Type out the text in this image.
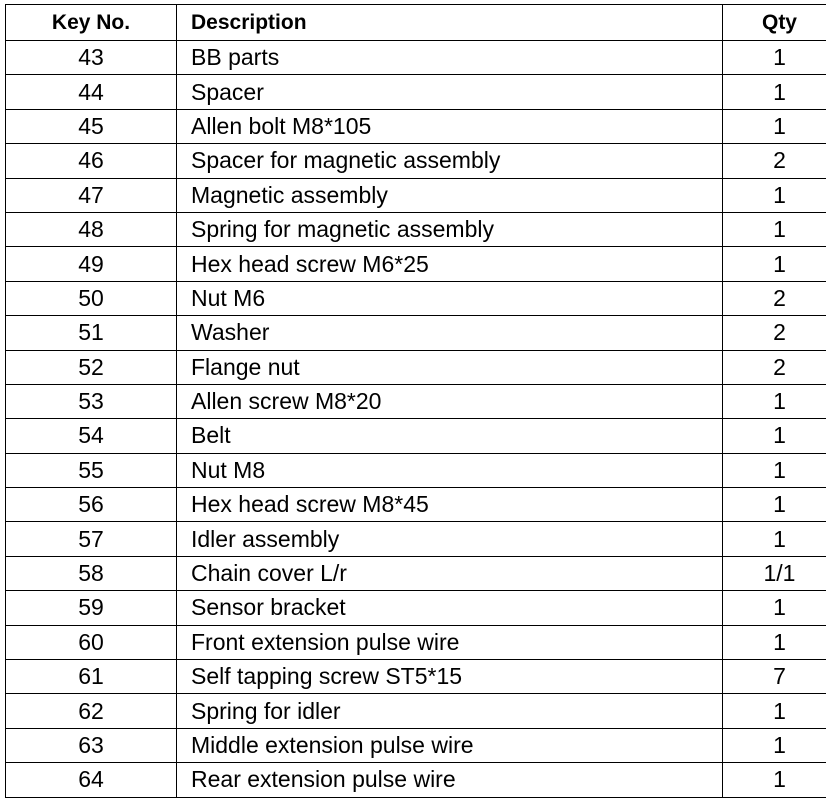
Key No.	Description	Qty
43	BB parts	1
44	Spacer	1
45	Allen bolt M8*105	1
46	Spacer for magnetic assembly	2
47	Magnetic assembly	1
48	Spring for magnetic assembly	1
49	Hex head screw M6*25	1
50	Nut M6	2
51	Washer	2
52	Flange nut	2
53	Allen screw M8*20	1
54	Belt	1
55	Nut M8	1
56	Hex head screw M8*45	1
57	Idler assembly	1
58	Chain cover L/r	1/1
59	Sensor bracket	1
60	Front extension pulse wire	1
61	Self tapping screw ST5*15	7
62	Spring for idler	1
63	Middle extension pulse wire	1
64	Rear extension pulse wire	1
